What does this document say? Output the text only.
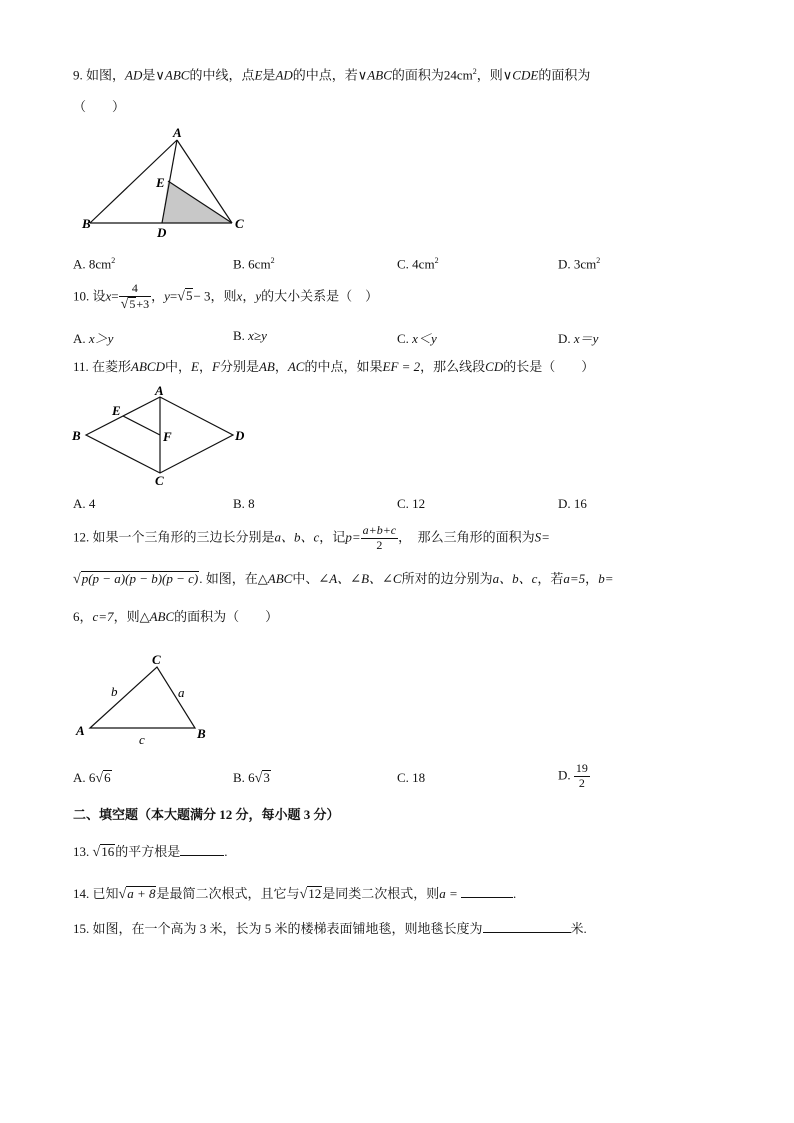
9. 如图，AD是∨ABC的中线，点E是AD的中点，若∨ABC的面积为$24cm^2$，则∨CDE的面积为
（　　）
A
B	C
D
E
A. $8cm^2$	B. $6cm^2$	C. $4cm^2$	D. $3cm^2$
10. 设$x= \frac{4}{√5+3}$ ，y=√5− 3，则x，y的大小关系是（　）
A. x＞y	B. x≥y	C. x＜y	D. x＝y
11. 在菱形ABCD中，E，F分别是AB，AC的中点，如果EF = 2，那么线段CD的长是（　　）
A
B
C
D
E
F
A. 4	B. 8	C. 12	D. 16
12. 如果一个三角形的三边长分别是a、b、c，记$p= \frac{a+b+c}{2}$ ，　那么三角形的面积为S=
√p(p − a)(p − b)(p − c). 如图，在△ABC中、∠A、∠B、∠C所对的边分别为a、b、c，若a=5，b=
6，c=7，则△ABC的面积为（　　）
C
A	B
a
b
c
A. 6√6	B. 6√3	C. 18	D. $\frac{19}{2}$
二、填空题（本大题满分 12 分，每小题 3 分）
13. √16的平方根是	.
14. 已知√a + 8是最简二次根式，且它与√12是同类二次根式，则a =	.
15. 如图，在一个高为 3 米，长为 5 米的楼梯表面铺地毯，则地毯长度为	米.
